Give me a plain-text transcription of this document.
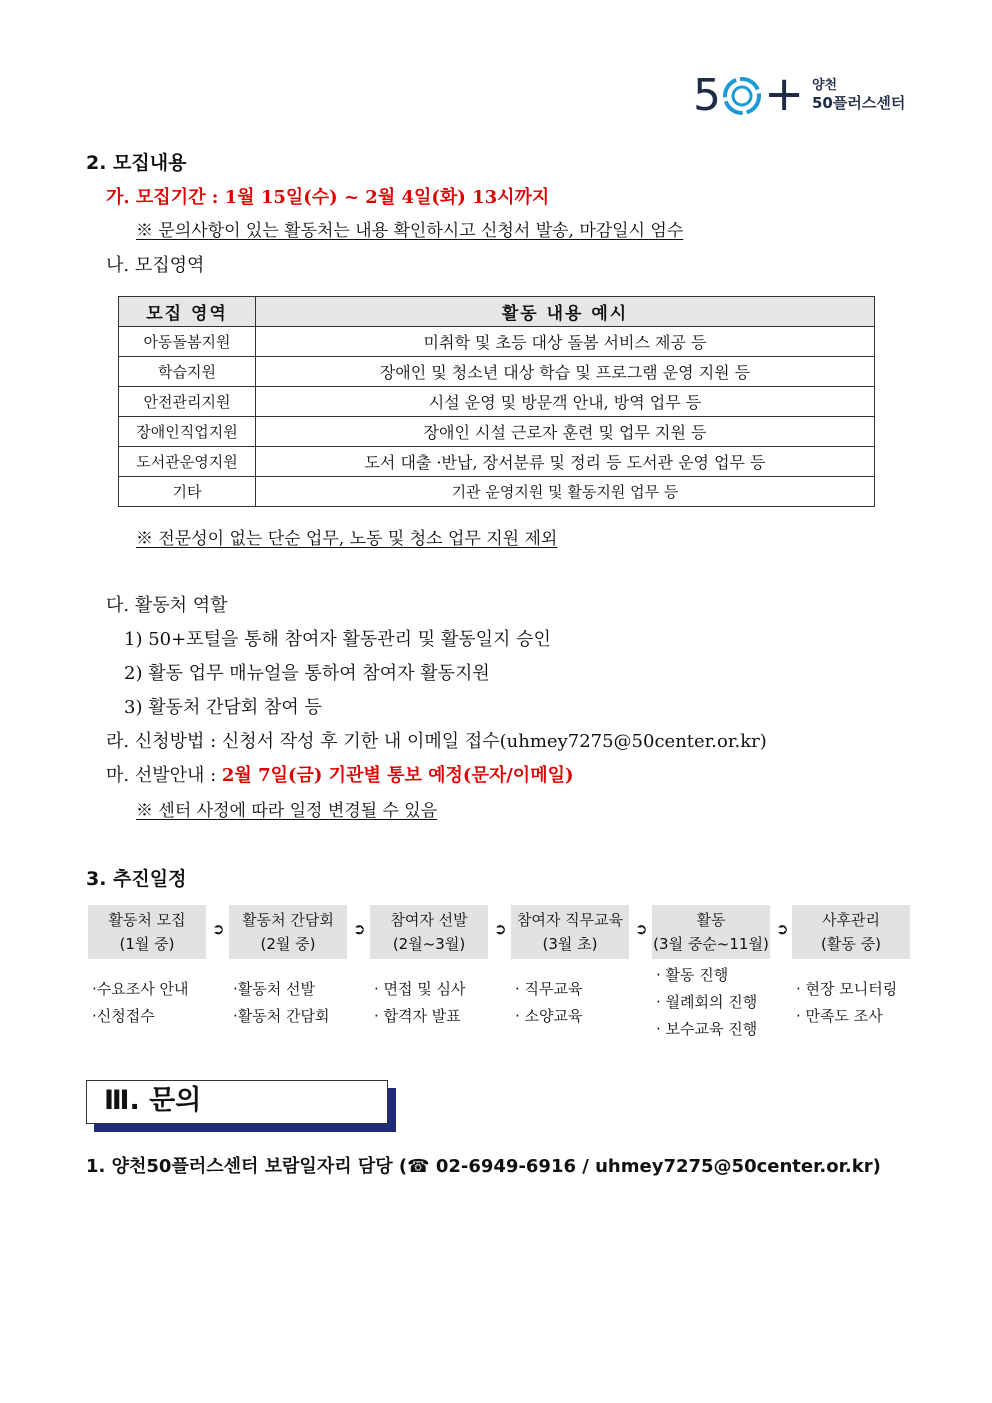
5 + 양천
50플러스센터
2. 모집내용
가. 모집기간 : 1월 15일(수) ~ 2월 4일(화) 13시까지
※ 문의사항이 있는 활동처는 내용 확인하시고 신청서 발송, 마감일시 엄수
나. 모집영역
모집 영역	활동 내용 예시
아동돌봄지원	미취학 및 초등 대상 돌봄 서비스 제공 등
학습지원	장애인 및 청소년 대상 학습 및 프로그램 운영 지원 등
안전관리지원	시설 운영 및 방문객 안내, 방역 업무 등
장애인직업지원	장애인 시설 근로자 훈련 및 업무 지원 등
도서관운영지원	도서 대출 ·반납, 장서분류 및 정리 등 도서관 운영 업무 등
기타	기관 운영지원 및 활동지원 업무 등
※ 전문성이 없는 단순 업무, 노동 및 청소 업무 지원 제외
다. 활동처 역할
1) 50+포털을 통해 참여자 활동관리 및 활동일지 승인
2) 활동 업무 매뉴얼을 통하여 참여자 활동지원
3) 활동처 간담회 참여 등
라. 신청방법 : 신청서 작성 후 기한 내 이메일 접수(uhmey7275@50center.or.kr)
마. 선발안내 : 2월 7일(금) 기관별 통보 예정(문자/이메일)
※ 센터 사정에 따라 일정 변경될 수 있음
3. 추진일정
활동처 모집
(1월 중)
➲	활동처 간담회
(2월 중)
➲	참여자 선발
(2월~3월)
➲ 참여자 직무교육
(3월 초)
➲	활동
(3월 중순~11월)
➲	사후관리
(활동 중)
·수요조사 안내
·신청접수
·활동처 선발
·활동처 간담회
· 면접 및 심사
· 합격자 발표
· 직무교육
· 소양교육
· 활동 진행
· 월례회의 진행
· 보수교육 진행
· 현장 모니터링
· 만족도 조사
Ⅲ. 문의
1. 양천50플러스센터 보람일자리 담당 (☎ 02-6949-6916 / uhmey7275@50center.or.kr)
